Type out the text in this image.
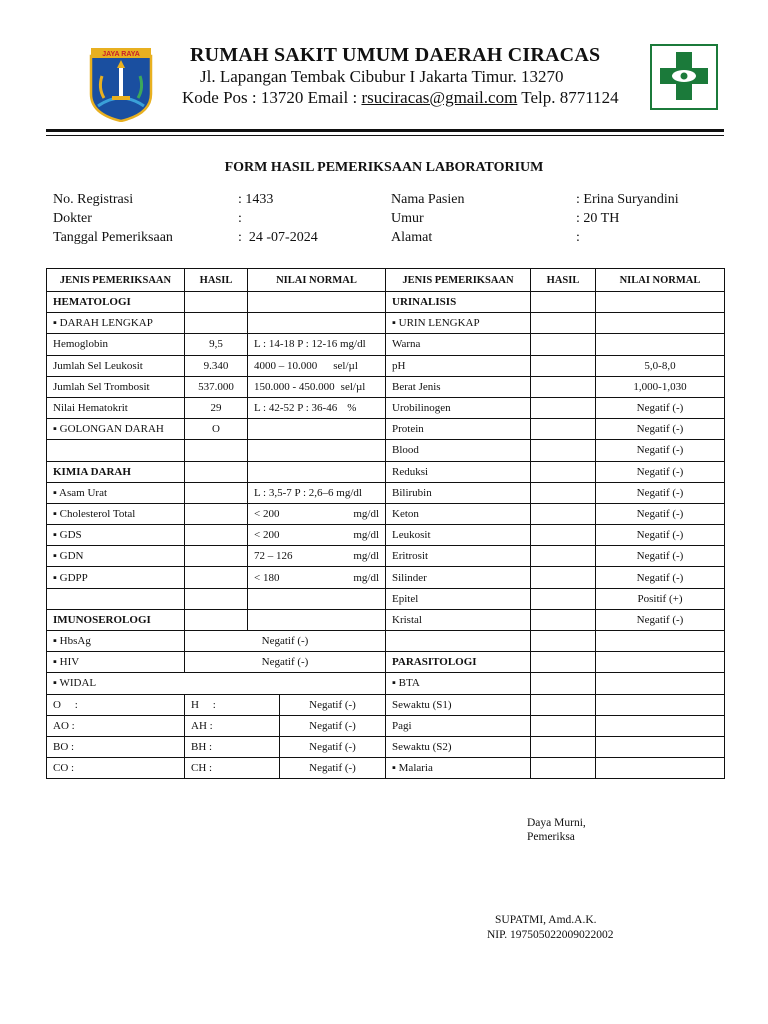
JAYA RAYA	RUMAH SAKIT UMUM DAERAH CIRACAS
Jl. Lapangan Tembak Cibubur I Jakarta Timur. 13270
Kode Pos : 13720 Email : rsuciracas@gmail.com Telp. 8771124
FORM HASIL PEMERIKSAAN LABORATORIUM
No. Registrasi	: 1433
Dokter	:
Tanggal Pemeriksaan	:  24 -07-2024
Nama Pasien	: Erina Suryandini
Umur	: 20 TH
Alamat	:
JENIS PEMERIKSAAN	HASIL	NILAI NORMAL	JENIS PEMERIKSAAN	HASIL	NILAI NORMAL
HEMATOLOGI			URINALISIS		
▪ DARAH LENGKAP			▪ URIN LENGKAP		
Hemoglobin	9,5	L : 14-18 P : 12-16 mg/dl	Warna		
Jumlah Sel Leukosit	9.340	4000 – 10.000 sel/µl	pH		5,0-8,0
Jumlah Sel Trombosit	537.000	150.000 - 450.000 sel/µl	Berat Jenis		1,000-1,030
Nilai Hematokrit	29	L : 42-52 P : 36-46 %	Urobilinogen		Negatif (-)
▪ GOLONGAN DARAH	O		Protein		Negatif (-)
			Blood		Negatif (-)
KIMIA DARAH			Reduksi		Negatif (-)
▪ Asam Urat		L : 3,5-7 P : 2,6–6 mg/dl	Bilirubin		Negatif (-)
▪ Cholesterol Total		< 200 mg/dl	Keton		Negatif (-)
▪ GDS		< 200 mg/dl	Leukosit		Negatif (-)
▪ GDN		72 – 126 mg/dl	Eritrosit		Negatif (-)
▪ GDPP		< 180 mg/dl	Silinder		Negatif (-)
			Epitel		Positif (+)
IMUNOSEROLOGI			Kristal		Negatif (-)
▪ HbsAg	Negatif (-)				
▪ HIV	Negatif (-)		PARASITOLOGI		
▪ WIDAL			▪ BTA		
O     :	H     : Negatif (-)		Sewaktu (S1)		
AO :	AH : Negatif (-)		Pagi		
BO :	BH : Negatif (-)		Sewaktu (S2)		
CO :	CH : Negatif (-)		▪ Malaria		
Daya Murni,
Pemeriksa
SUPATMI, Amd.A.K.
NIP. 197505022009022002
